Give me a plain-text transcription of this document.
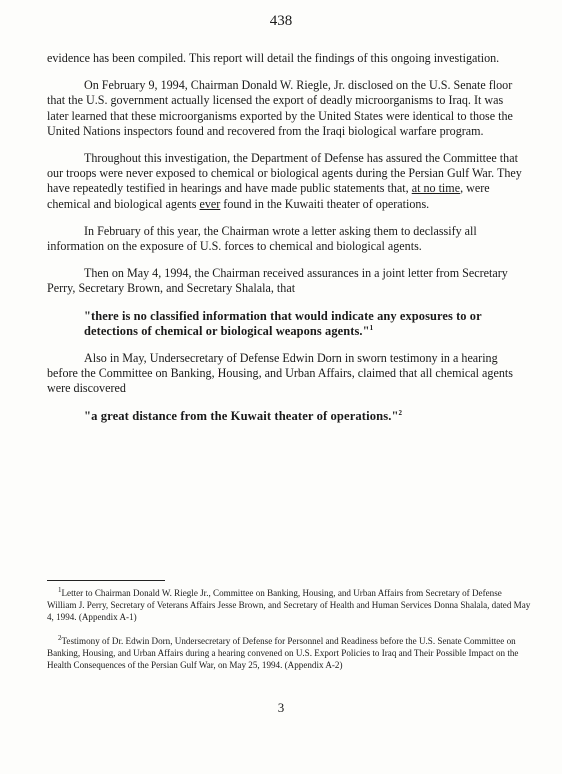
438

evidence has been compiled. This report will detail the findings of this ongoing investigation.

On February 9, 1994, Chairman Donald W. Riegle, Jr. disclosed on the U.S. Senate floor that the U.S. government actually licensed the export of deadly microorganisms to Iraq. It was later learned that these microorganisms exported by the United States were identical to those the United Nations inspectors found and recovered from the Iraqi biological warfare program.

Throughout this investigation, the Department of Defense has assured the Committee that our troops were never exposed to chemical or biological agents during the Persian Gulf War. They have repeatedly testified in hearings and have made public statements that, at no time, were chemical and biological agents ever found in the Kuwaiti theater of operations.

In February of this year, the Chairman wrote a letter asking them to declassify all information on the exposure of U.S. forces to chemical and biological agents.

Then on May 4, 1994, the Chairman received assurances in a joint letter from Secretary Perry, Secretary Brown, and Secretary Shalala, that

"there is no classified information that would indicate any exposures to or detections of chemical or biological weapons agents."$^1$

Also in May, Undersecretary of Defense Edwin Dorn in sworn testimony in a hearing before the Committee on Banking, Housing, and Urban Affairs, claimed that all chemical agents were discovered

"a great distance from the Kuwait theater of operations."$^2$

$^1$Letter to Chairman Donald W. Riegle Jr., Committee on Banking, Housing, and Urban Affairs from Secretary of Defense William J. Perry, Secretary of Veterans Affairs Jesse Brown, and Secretary of Health and Human Services Donna Shalala, dated May 4, 1994. (Appendix A-1)

$^2$Testimony of Dr. Edwin Dorn, Undersecretary of Defense for Personnel and Readiness before the U.S. Senate Committee on Banking, Housing, and Urban Affairs during a hearing convened on U.S. Export Policies to Iraq and Their Possible Impact on the Health Consequences of the Persian Gulf War, on May 25, 1994. (Appendix A-2)

3
